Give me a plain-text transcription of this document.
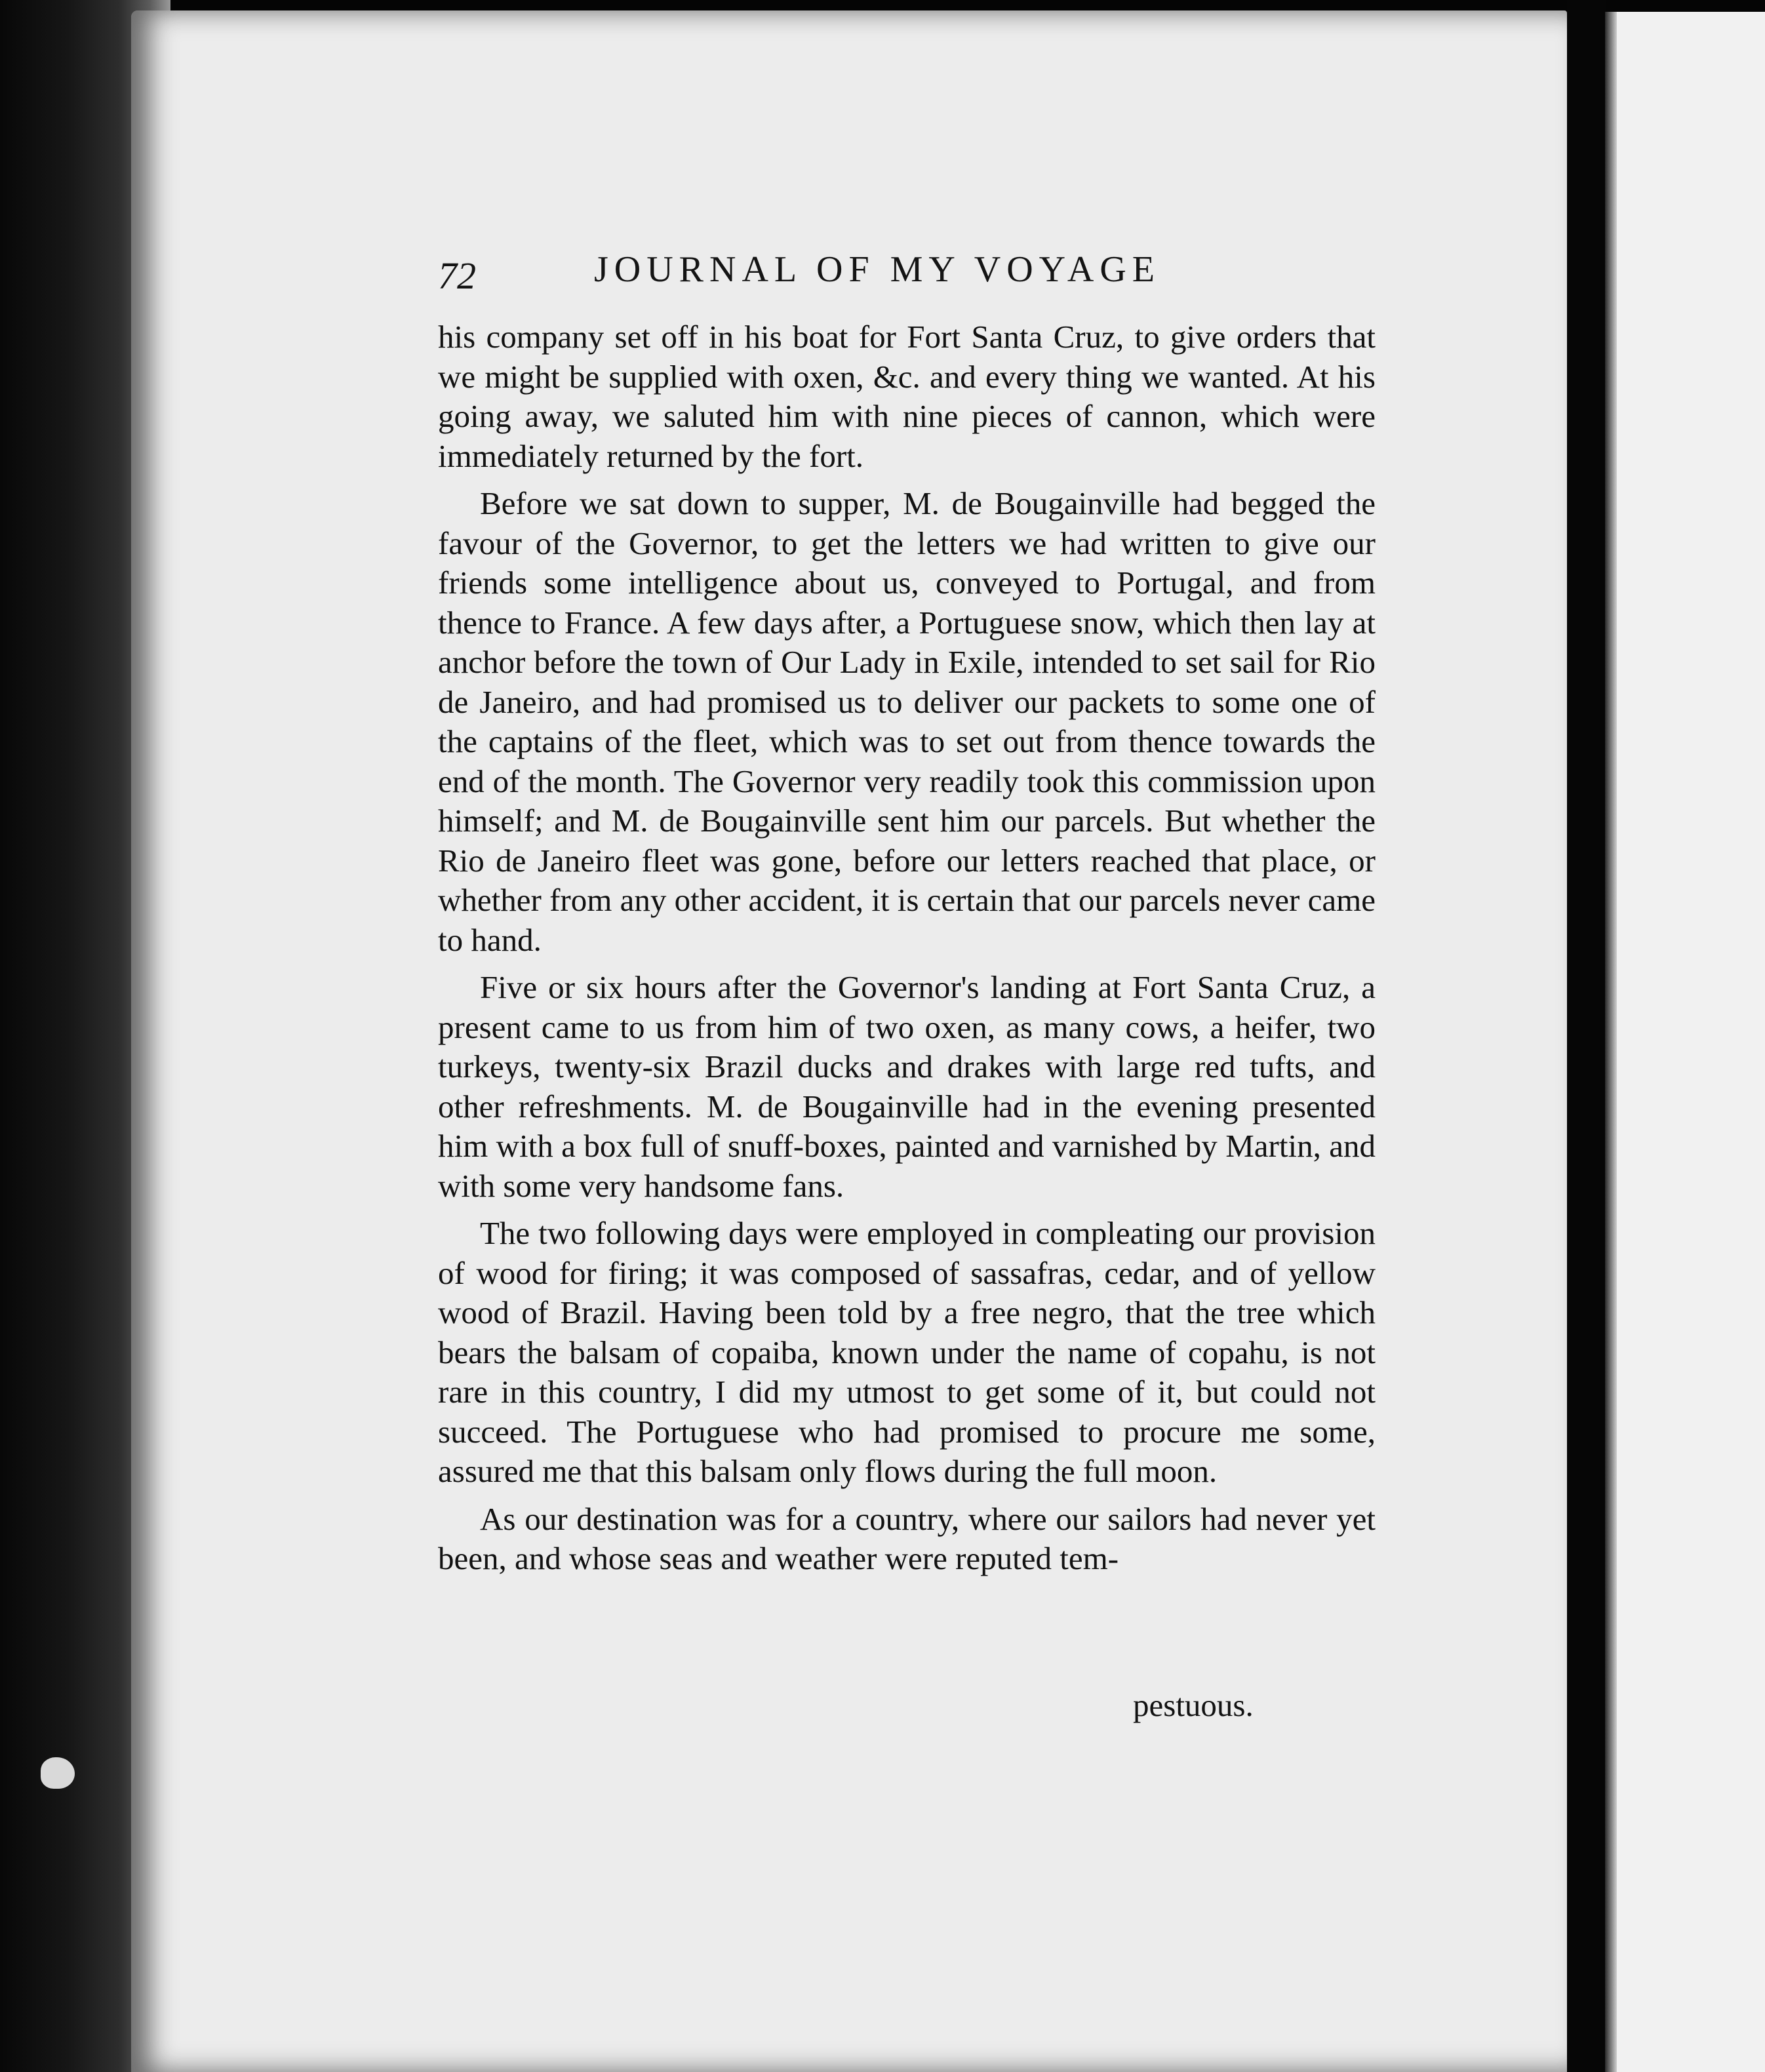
72	JOURNAL OF MY VOYAGE

his company set off in his boat for Fort Santa Cruz, to give orders that we might be supplied with oxen, &c. and every thing we wanted. At his going away, we saluted him with nine pieces of cannon, which were immediately returned by the fort.

Before we sat down to supper, M. de Bougainville had begged the favour of the Governor, to get the letters we had written to give our friends some intelligence about us, conveyed to Portugal, and from thence to France. A few days after, a Portuguese snow, which then lay at anchor before the town of Our Lady in Exile, intended to set sail for Rio de Janeiro, and had promised us to deliver our packets to some one of the captains of the fleet, which was to set out from thence towards the end of the month. The Governor very readily took this commission upon himself; and M. de Bougainville sent him our parcels. But whether the Rio de Janeiro fleet was gone, before our letters reached that place, or whether from any other accident, it is certain that our parcels never came to hand.

Five or six hours after the Governor's landing at Fort Santa Cruz, a present came to us from him of two oxen, as many cows, a heifer, two turkeys, twenty-six Brazil ducks and drakes with large red tufts, and other refreshments. M. de Bougainville had in the evening presented him with a box full of snuff-boxes, painted and varnished by Martin, and with some very handsome fans.

The two following days were employed in compleating our provision of wood for firing; it was composed of sassafras, cedar, and of yellow wood of Brazil. Having been told by a free negro, that the tree which bears the balsam of copaiba, known under the name of copahu, is not rare in this country, I did my utmost to get some of it, but could not succeed. The Portuguese who had promised to procure me some, assured me that this balsam only flows during the full moon.

As our destination was for a country, where our sailors had never yet been, and whose seas and weather were reputed tem-

pestuous.
